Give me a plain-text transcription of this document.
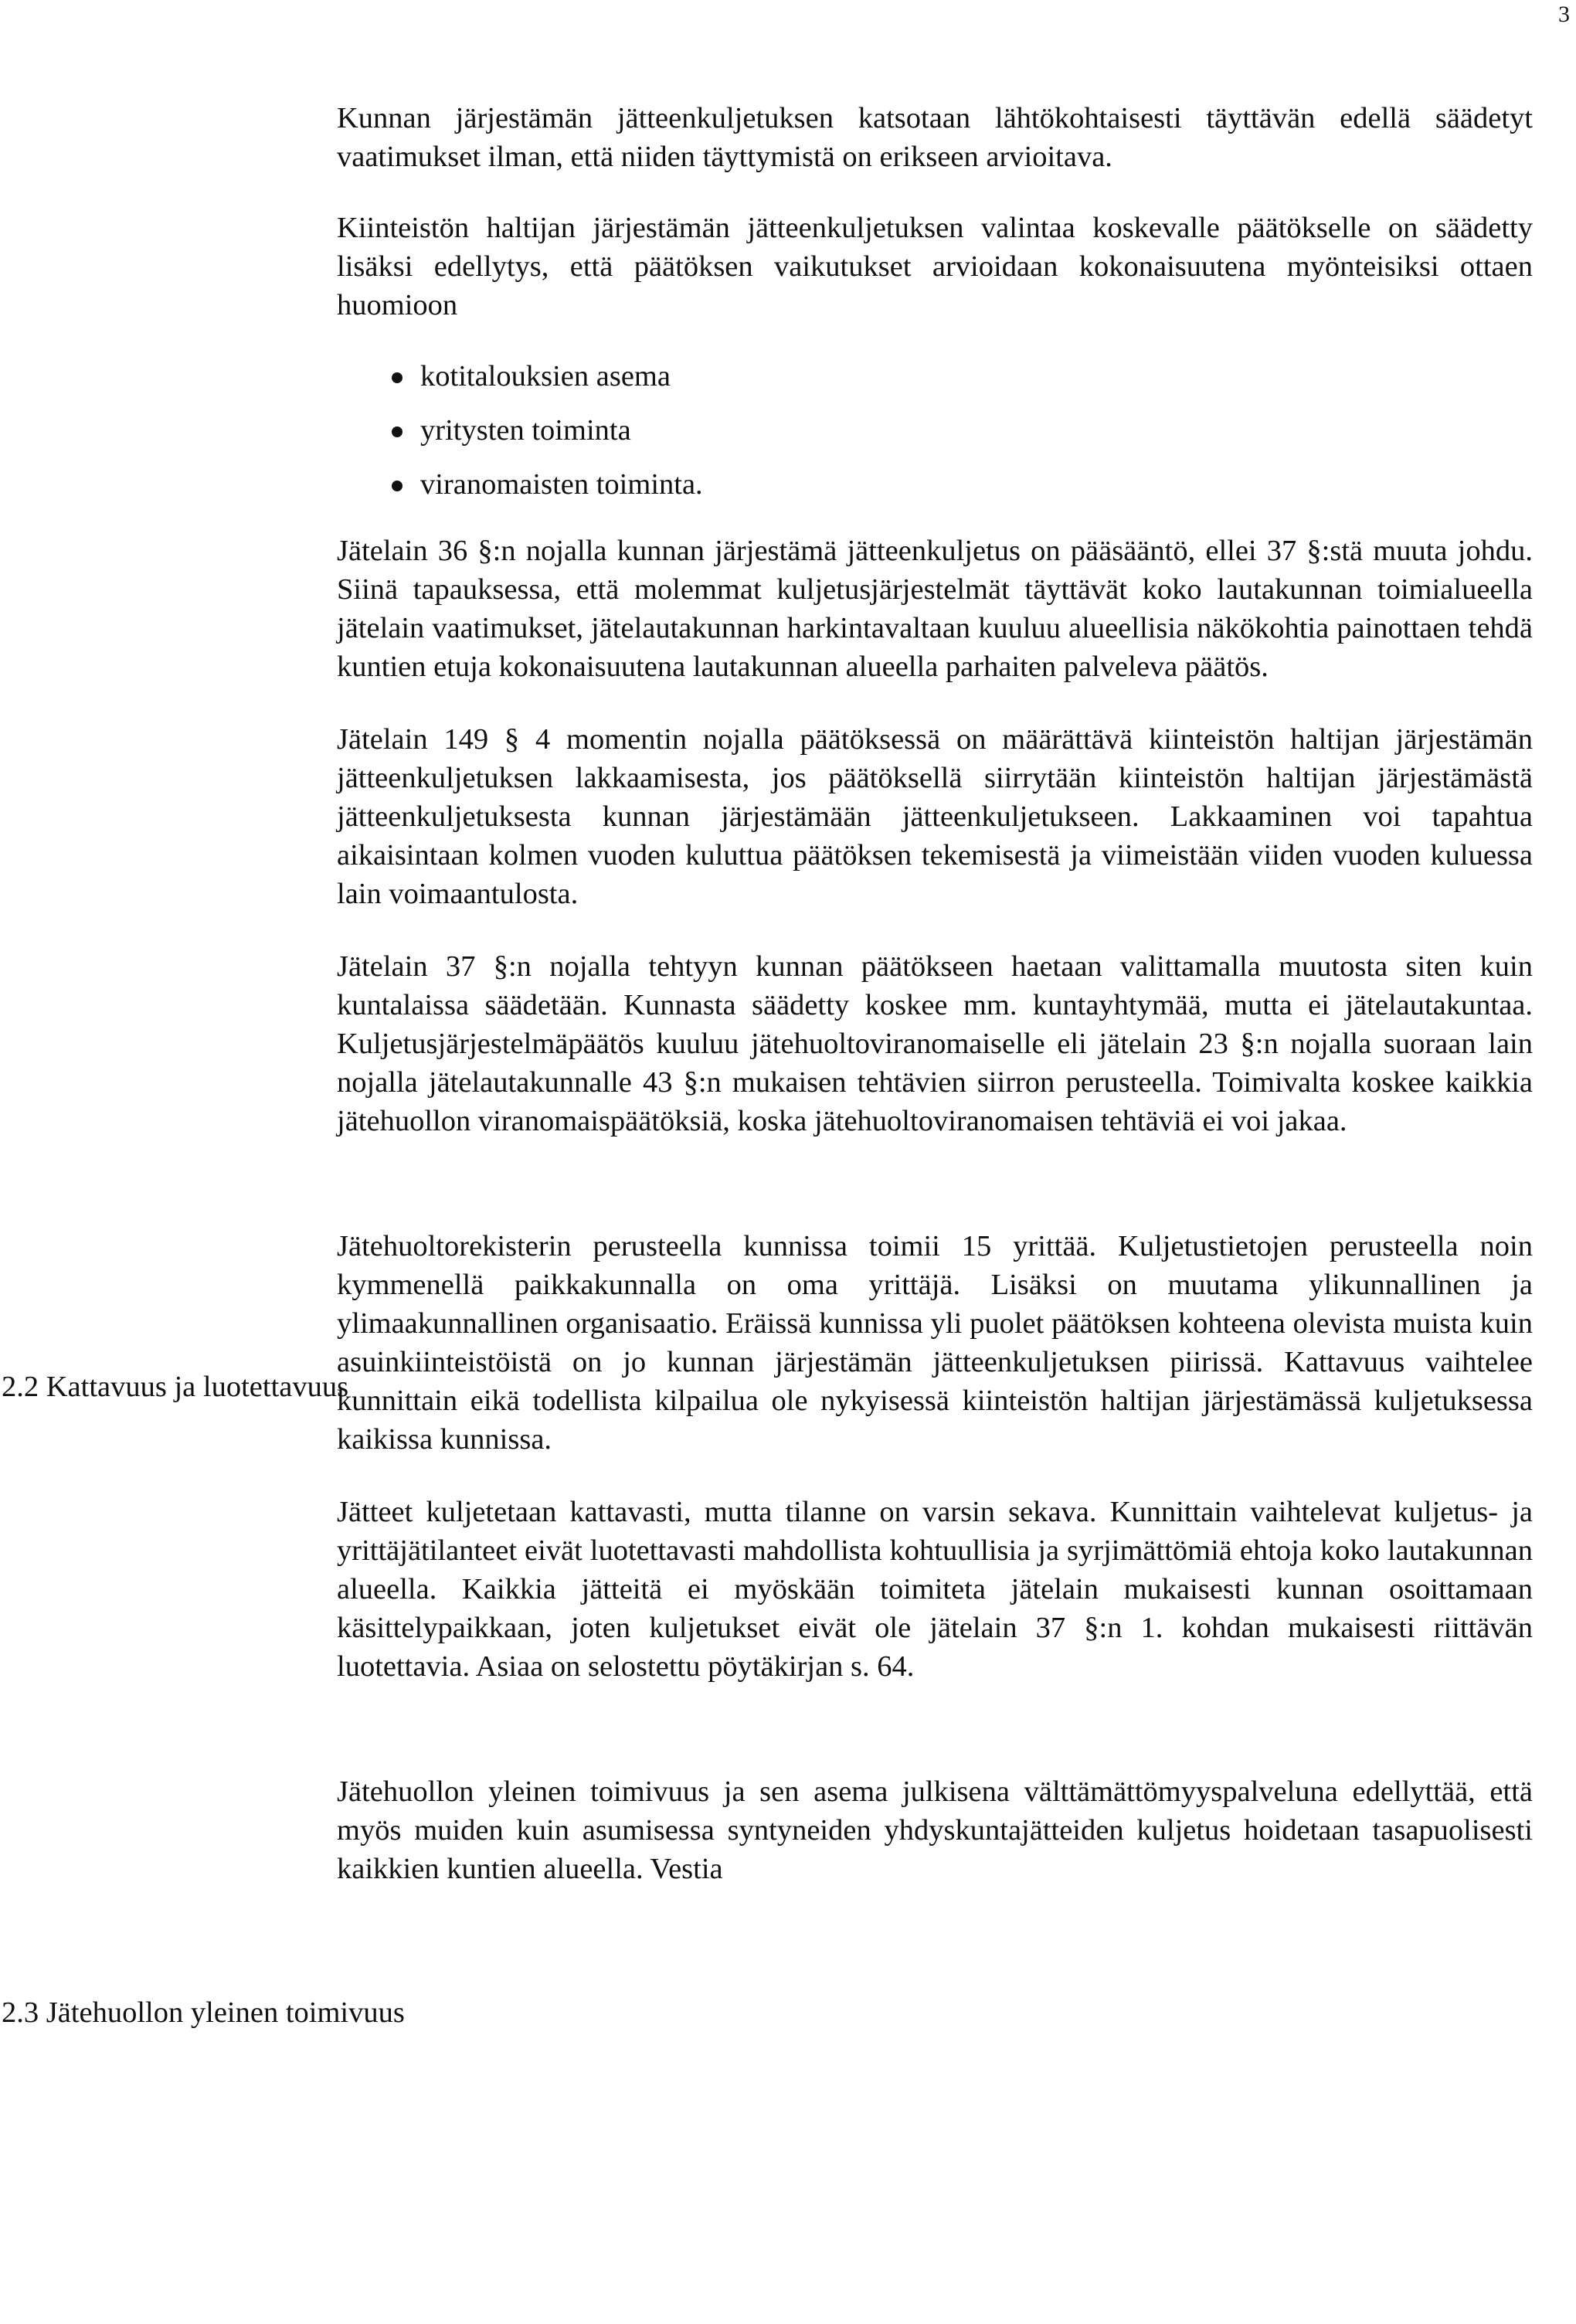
3
2.2 Kattavuus ja luotettavuus
2.3 Jätehuollon yleinen toimivuus

Kunnan järjestämän jätteenkuljetuksen katsotaan lähtökohtaisesti täyttävän edellä säädetyt vaatimukset ilman, että niiden täyttymistä on erikseen arvioitava.

Kiinteistön haltijan järjestämän jätteenkuljetuksen valintaa koskevalle päätökselle on säädetty lisäksi edellytys, että päätöksen vaikutukset arvioidaan kokonaisuutena myönteisiksi ottaen huomioon

kotitalouksien asema
yritysten toiminta
viranomaisten toiminta.

Jätelain 36 §:n nojalla kunnan järjestämä jätteenkuljetus on pääsääntö, ellei 37 §:stä muuta johdu. Siinä tapauksessa, että molemmat kuljetusjärjestelmät täyttävät koko lautakunnan toimialueella jätelain vaatimukset, jätelautakunnan harkintavaltaan kuuluu alueellisia näkökohtia painottaen tehdä kuntien etuja kokonaisuutena lautakunnan alueella parhaiten palveleva päätös.

Jätelain 149 § 4 momentin nojalla päätöksessä on määrättävä kiinteistön haltijan järjestämän jätteenkuljetuksen lakkaamisesta, jos päätöksellä siirrytään kiinteistön haltijan järjestämästä jätteenkuljetuksesta kunnan järjestämään jätteenkuljetukseen. Lakkaaminen voi tapahtua aikaisintaan kolmen vuoden kuluttua päätöksen tekemisestä ja viimeistään viiden vuoden kuluessa lain voimaantulosta.

Jätelain 37 §:n nojalla tehtyyn kunnan päätökseen haetaan valittamalla muutosta siten kuin kuntalaissa säädetään. Kunnasta säädetty koskee mm. kuntayhtymää, mutta ei jätelautakuntaa. Kuljetusjärjestelmäpäätös kuuluu jätehuoltoviranomaiselle eli jätelain 23 §:n nojalla suoraan lain nojalla jätelautakunnalle 43 §:n mukaisen tehtävien siirron perusteella. Toimivalta koskee kaikkia jätehuollon viranomaispäätöksiä, koska jätehuoltoviranomaisen tehtäviä ei voi jakaa.

Jätehuoltorekisterin perusteella kunnissa toimii 15 yrittää. Kuljetustietojen perusteella noin kymmenellä paikkakunnalla on oma yrittäjä. Lisäksi on muutama ylikunnallinen ja ylimaakunnallinen organisaatio. Eräissä kunnissa yli puolet päätöksen kohteena olevista muista kuin asuinkiinteistöistä on jo kunnan järjestämän jätteenkuljetuksen piirissä. Kattavuus vaihtelee kunnittain eikä todellista kilpailua ole nykyisessä kiinteistön haltijan järjestämässä kuljetuksessa kaikissa kunnissa.

Jätteet kuljetetaan kattavasti, mutta tilanne on varsin sekava. Kunnittain vaihtelevat kuljetus- ja yrittäjätilanteet eivät luotettavasti mahdollista kohtuullisia ja syrjimättömiä ehtoja koko lautakunnan alueella. Kaikkia jätteitä ei myöskään toimiteta jätelain mukaisesti kunnan osoittamaan käsittelypaikkaan, joten kuljetukset eivät ole jätelain 37 §:n 1. kohdan mukaisesti riittävän luotettavia. Asiaa on selostettu pöytäkirjan s. 64.

Jätehuollon yleinen toimivuus ja sen asema julkisena välttämättömyyspalveluna edellyttää, että myös muiden kuin asumisessa syntyneiden yhdyskuntajätteiden kuljetus hoidetaan tasapuolisesti kaikkien kuntien alueella. Vestia
